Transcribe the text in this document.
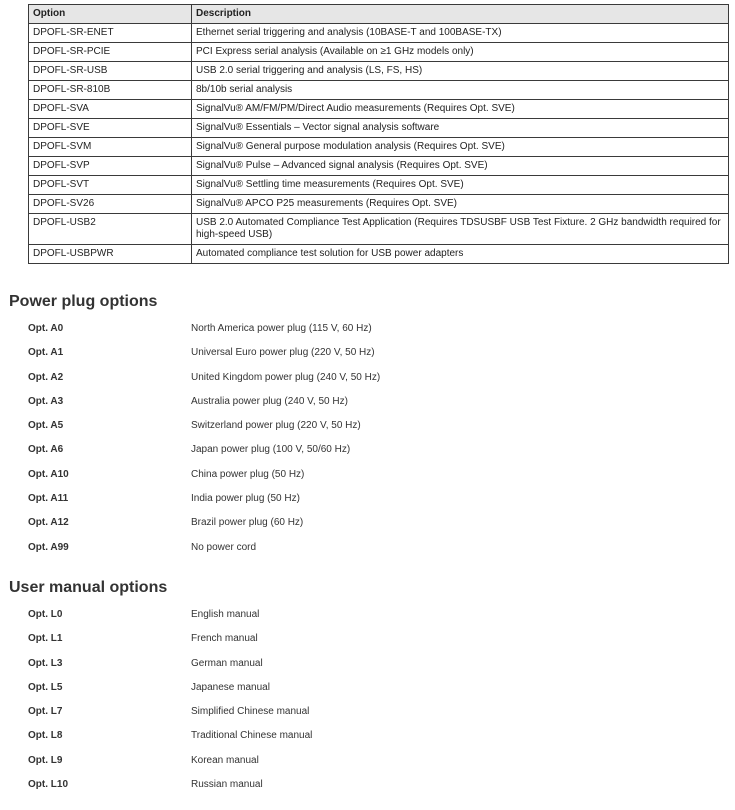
Option	Description
DPOFL-SR-ENET	Ethernet serial triggering and analysis (10BASE-T and 100BASE-TX)
DPOFL-SR-PCIE	PCI Express serial analysis (Available on ≥1 GHz models only)
DPOFL-SR-USB	USB 2.0 serial triggering and analysis (LS, FS, HS)
DPOFL-SR-810B	8b/10b serial analysis
DPOFL-SVA	SignalVu® AM/FM/PM/Direct Audio measurements (Requires Opt. SVE)
DPOFL-SVE	SignalVu® Essentials – Vector signal analysis software
DPOFL-SVM	SignalVu® General purpose modulation analysis (Requires Opt. SVE)
DPOFL-SVP	SignalVu® Pulse – Advanced signal analysis (Requires Opt. SVE)
DPOFL-SVT	SignalVu® Settling time measurements (Requires Opt. SVE)
DPOFL-SV26	SignalVu® APCO P25 measurements (Requires Opt. SVE)
DPOFL-USB2	USB 2.0 Automated Compliance Test Application (Requires TDSUSBF USB Test Fixture. 2 GHz bandwidth required for high-speed USB)
DPOFL-USBPWR	Automated compliance test solution for USB power adapters
Power plug options
Opt. A0	North America power plug (115 V, 60 Hz)
Opt. A1	Universal Euro power plug (220 V, 50 Hz)
Opt. A2	United Kingdom power plug (240 V, 50 Hz)
Opt. A3	Australia power plug (240 V, 50 Hz)
Opt. A5	Switzerland power plug (220 V, 50 Hz)
Opt. A6	Japan power plug (100 V, 50/60 Hz)
Opt. A10	China power plug (50 Hz)
Opt. A11	India power plug (50 Hz)
Opt. A12	Brazil power plug (60 Hz)
Opt. A99	No power cord
User manual options
Opt. L0	English manual
Opt. L1	French manual
Opt. L3	German manual
Opt. L5	Japanese manual
Opt. L7	Simplified Chinese manual
Opt. L8	Traditional Chinese manual
Opt. L9	Korean manual
Opt. L10	Russian manual
